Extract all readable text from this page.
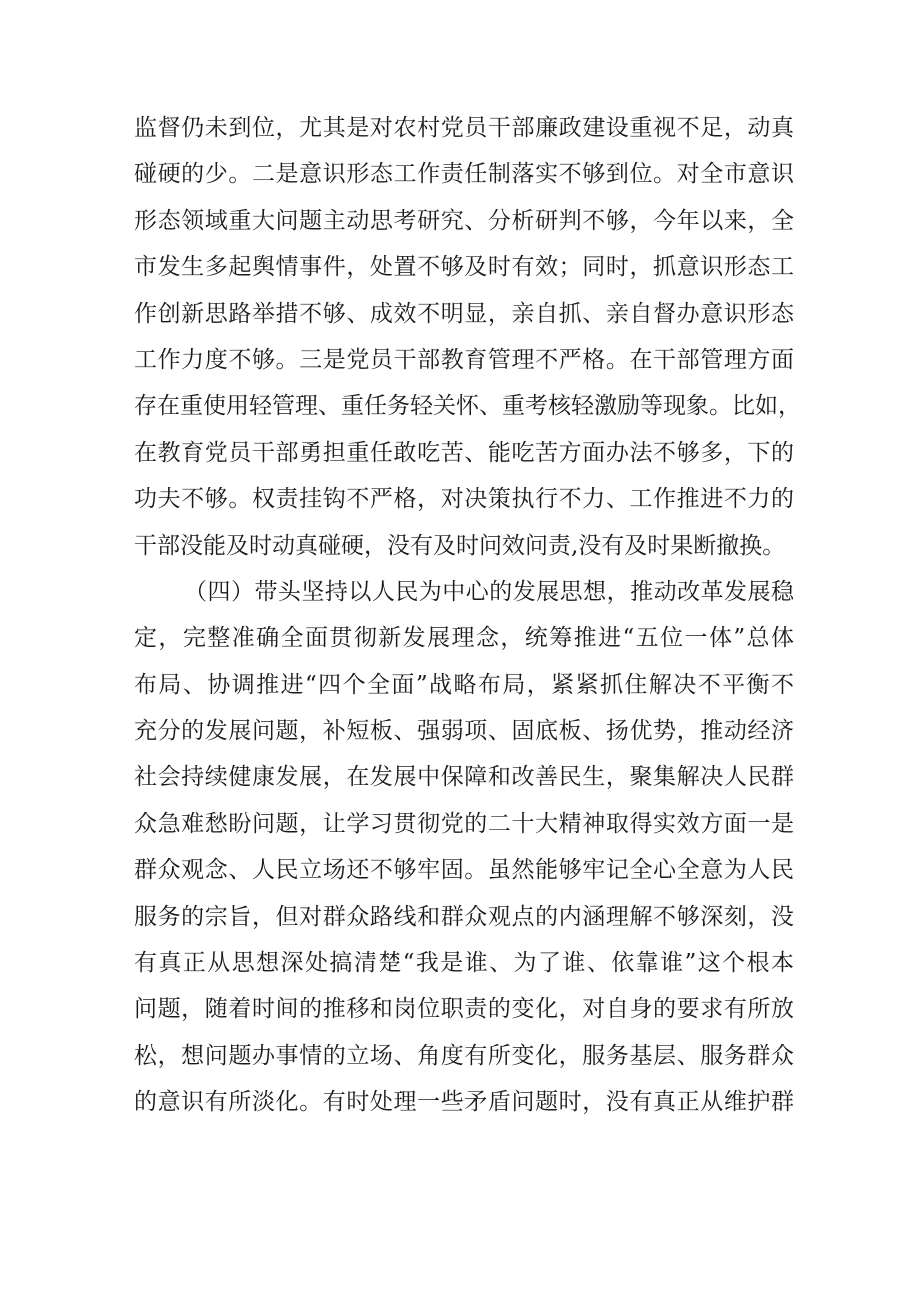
监督仍未到位，尤其是对农村党员干部廉政建设重视不足，动真
碰硬的少。二是意识形态工作责任制落实不够到位。对全市意识
形态领域重大问题主动思考研究、分析研判不够，今年以来，全
市发生多起舆情事件，处置不够及时有效；同时，抓意识形态工
作创新思路举措不够、成效不明显，亲自抓、亲自督办意识形态
工作力度不够。三是党员干部教育管理不严格。在干部管理方面
存在重使用轻管理、重任务轻关怀、重考核轻激励等现象。比如，
在教育党员干部勇担重任敢吃苦、能吃苦方面办法不够多，下的
功夫不够。权责挂钩不严格，对决策执行不力、工作推进不力的
干部没能及时动真碰硬，没有及时问效问责,没有及时果断撤换。
（四）带头坚持以人民为中心的发展思想，推动改革发展稳
定，完整准确全面贯彻新发展理念，统筹推进“五位一体”总体
布局、协调推进“四个全面”战略布局，紧紧抓住解决不平衡不
充分的发展问题，补短板、强弱项、固底板、扬优势，推动经济
社会持续健康发展，在发展中保障和改善民生，聚集解决人民群
众急难愁盼问题，让学习贯彻党的二十大精神取得实效方面一是
群众观念、人民立场还不够牢固。虽然能够牢记全心全意为人民
服务的宗旨，但对群众路线和群众观点的内涵理解不够深刻，没
有真正从思想深处搞清楚“我是谁、为了谁、依靠谁”这个根本
问题，随着时间的推移和岗位职责的变化，对自身的要求有所放
松，想问题办事情的立场、角度有所变化，服务基层、服务群众
的意识有所淡化。有时处理一些矛盾问题时，没有真正从维护群
